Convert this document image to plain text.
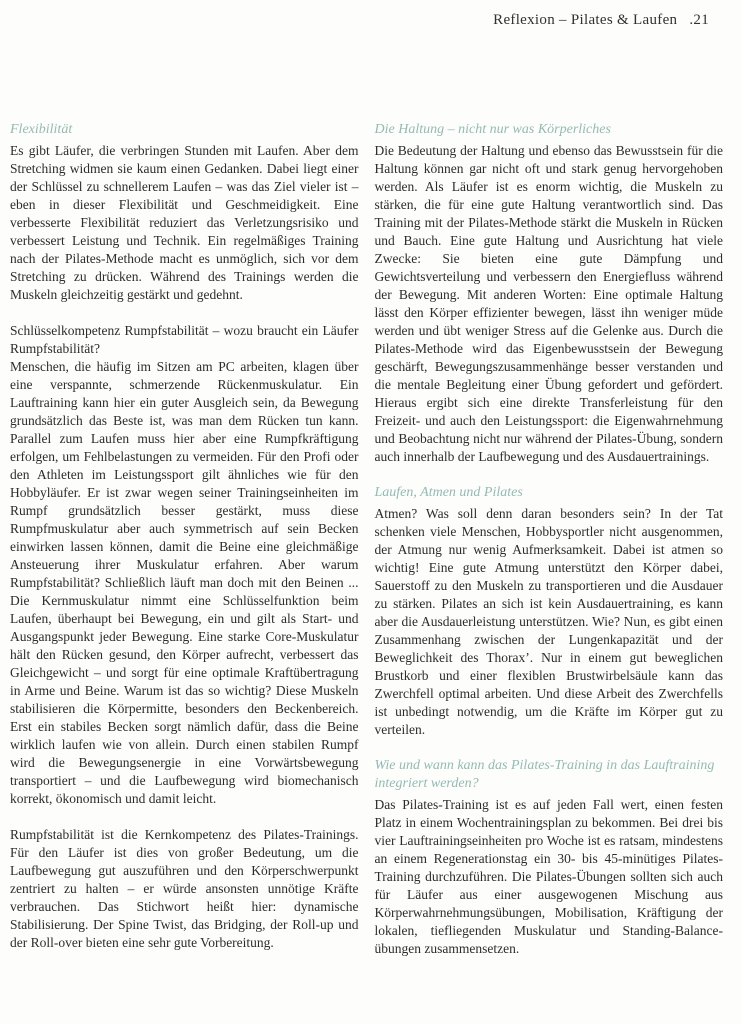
Reflexion – Pilates & Laufen .21
Flexibilität

Es gibt Läufer, die verbringen Stunden mit Laufen. Aber dem Stretching widmen sie kaum einen Gedanken. Dabei liegt einer der Schlüssel zu schnellerem Laufen – was das Ziel vieler ist – eben in dieser Flexibilität und Geschmeidigkeit. Eine verbesserte Flexibilität reduziert das Verletzungsrisiko und verbessert Leistung und Technik. Ein regelmäßiges Training nach der Pilates-Methode macht es unmöglich, sich vor dem Stretching zu drücken. Während des Trainings werden die Muskeln gleichzeitig gestärkt und gedehnt.

Schlüsselkompetenz Rumpfstabilität – wozu braucht ein Läufer Rumpfstabilität?

Menschen, die häufig im Sitzen am PC arbeiten, klagen über eine verspannte, schmerzende Rückenmuskulatur. Ein Lauftraining kann hier ein guter Ausgleich sein, da Bewegung grundsätzlich das Beste ist, was man dem Rücken tun kann. Parallel zum Laufen muss hier aber eine Rumpfkräftigung erfolgen, um Fehlbelastungen zu vermeiden. Für den Profi oder den Athleten im Leistungssport gilt ähnliches wie für den Hobbyläufer. Er ist zwar wegen seiner Trainingseinheiten im Rumpf grundsätzlich besser gestärkt, muss diese Rumpfmuskulatur aber auch symmetrisch auf sein Becken einwirken lassen können, damit die Beine eine gleichmäßige Ansteuerung ihrer Muskulatur erfahren. Aber warum Rumpfstabilität? Schließlich läuft man doch mit den Beinen ... Die Kernmuskulatur nimmt eine Schlüsselfunktion beim Laufen, überhaupt bei Bewegung, ein und gilt als Start- und Ausgangspunkt jeder Bewegung. Eine starke Core-Muskulatur hält den Rücken gesund, den Körper aufrecht, verbessert das Gleichgewicht – und sorgt für eine optimale Kraftübertragung in Arme und Beine. Warum ist das so wichtig? Diese Muskeln stabilisieren die Körpermitte, besonders den Beckenbereich. Erst ein stabiles Becken sorgt nämlich dafür, dass die Beine wirklich laufen wie von allein. Durch einen stabilen Rumpf wird die Bewegungsenergie in eine Vorwärtsbewegung transportiert – und die Laufbewegung wird biomechanisch korrekt, ökonomisch und damit leicht.

Rumpfstabilität ist die Kernkompetenz des Pilates-Trainings. Für den Läufer ist dies von großer Bedeutung, um die Laufbewegung gut auszuführen und den Körperschwerpunkt zentriert zu halten – er würde ansonsten unnötige Kräfte verbrauchen. Das Stichwort heißt hier: dynamische Stabilisierung. Der Spine Twist, das Bridging, der Roll-up und der Roll-over bieten eine sehr gute Vorbereitung.

Die Haltung – nicht nur was Körperliches

Die Bedeutung der Haltung und ebenso das Bewusstsein für die Haltung können gar nicht oft und stark genug hervorgehoben werden. Als Läufer ist es enorm wichtig, die Muskeln zu stärken, die für eine gute Haltung verantwortlich sind. Das Training mit der Pilates-Methode stärkt die Muskeln in Rücken und Bauch. Eine gute Haltung und Ausrichtung hat viele Zwecke: Sie bieten eine gute Dämpfung und Gewichtsverteilung und verbessern den Energiefluss während der Bewegung. Mit anderen Worten: Eine optimale Haltung lässt den Körper effizienter bewegen, lässt ihn weniger müde werden und übt weniger Stress auf die Gelenke aus. Durch die Pilates-Methode wird das Eigenbewusstsein der Bewegung geschärft, Bewegungszusammenhänge besser verstanden und die mentale Begleitung einer Übung gefordert und gefördert. Hieraus ergibt sich eine direkte Transferleistung für den Freizeit- und auch den Leistungssport: die Eigenwahrnehmung und Beobachtung nicht nur während der Pilates-Übung, sondern auch innerhalb der Laufbewegung und des Ausdauertrainings.

Laufen, Atmen und Pilates

Atmen? Was soll denn daran besonders sein? In der Tat schenken viele Menschen, Hobbysportler nicht ausgenommen, der Atmung nur wenig Aufmerksamkeit. Dabei ist atmen so wichtig! Eine gute Atmung unterstützt den Körper dabei, Sauerstoff zu den Muskeln zu transportieren und die Ausdauer zu stärken. Pilates an sich ist kein Ausdauertraining, es kann aber die Ausdauerleistung unterstützen. Wie? Nun, es gibt einen Zusammenhang zwischen der Lungenkapazität und der Beweglichkeit des Thorax’. Nur in einem gut beweglichen Brustkorb und einer flexiblen Brustwirbelsäule kann das Zwerchfell optimal arbeiten. Und diese Arbeit des Zwerchfells ist unbedingt notwendig, um die Kräfte im Körper gut zu verteilen.

Wie und wann kann das Pilates-Training in das Lauftraining integriert werden?

Das Pilates-Training ist es auf jeden Fall wert, einen festen Platz in einem Wochentrainingsplan zu bekommen. Bei drei bis vier Lauftrainingseinheiten pro Woche ist es ratsam, mindestens an einem Regenerationstag ein 30- bis 45-minütiges Pilates-Training durchzuführen. Die Pilates-Übungen sollten sich auch für Läufer aus einer ausgewogenen Mischung aus Körperwahrnehmungsübungen, Mobilisation, Kräftigung der lokalen, tiefliegenden Muskulatur und Standing-Balance-übungen zusammensetzen.
